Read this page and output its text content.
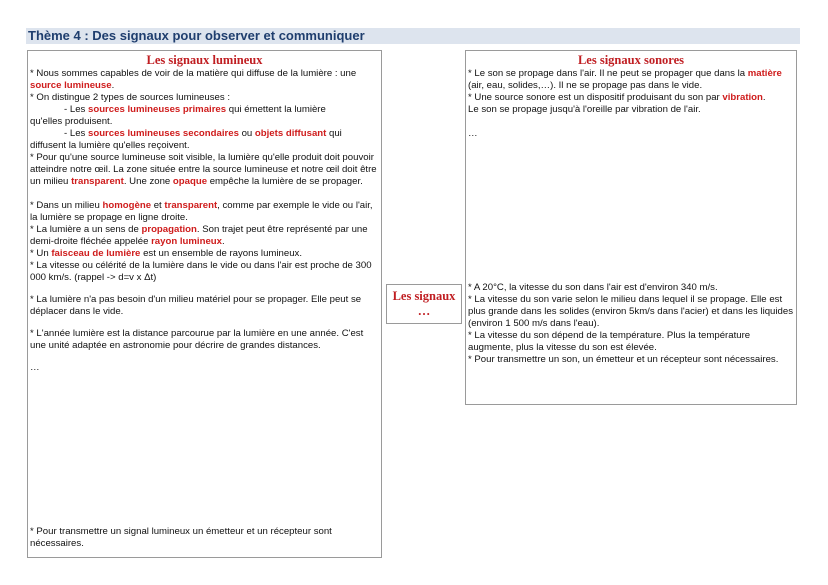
Thème 4 : Des signaux pour observer et communiquer
Les signaux lumineux
* Nous sommes capables de voir de la matière qui diffuse de la lumière : une source lumineuse.
* On distingue 2 types de sources lumineuses :
- Les sources lumineuses primaires qui émettent la lumière
qu'elles produisent.
- Les sources lumineuses secondaires ou objets diffusant qui
diffusent la lumière qu'elles reçoivent.
* Pour qu'une source lumineuse soit visible, la lumière qu'elle produit doit pouvoir atteindre notre œil. La zone située entre la source lumineuse et notre œil doit être un milieu transparent. Une zone opaque empêche la lumière de se propager.
* Dans un milieu homogène et transparent, comme par exemple le vide ou l'air, la lumière se propage en ligne droite.
* La lumière a un sens de propagation. Son trajet peut être représenté par une demi-droite fléchée appelée rayon lumineux.
* Un faisceau de lumière est un ensemble de rayons lumineux.
* La vitesse ou célérité de la lumière dans le vide ou dans l'air est proche de 300 000 km/s. (rappel -> d=v x Δt)
* La lumière n'a pas besoin d'un milieu matériel pour se propager. Elle peut se déplacer dans le vide.
* L'année lumière est la distance parcourue par la lumière en une année. C'est une unité adaptée en astronomie pour décrire de grandes distances.
…
* Pour transmettre un signal lumineux un émetteur et un récepteur sont nécessaires.
Les signaux …
Les signaux sonores
* Le son se propage dans l'air. Il ne peut se propager que dans la matière (air, eau, solides,…). Il ne se propage pas dans le vide.
* Une source sonore est un dispositif produisant du son par vibration.
Le son se propage jusqu'à l'oreille par vibration de l'air.
…
* A 20°C, la vitesse du son dans l'air est d'environ 340 m/s.
* La vitesse du son varie selon le milieu dans lequel il se propage. Elle est plus grande dans les solides (environ 5km/s dans l'acier) et dans les liquides (environ 1 500 m/s dans l'eau).
* La vitesse du son dépend de la température. Plus la température augmente, plus la vitesse du son est élevée.
* Pour transmettre un son, un émetteur et un récepteur sont nécessaires.
